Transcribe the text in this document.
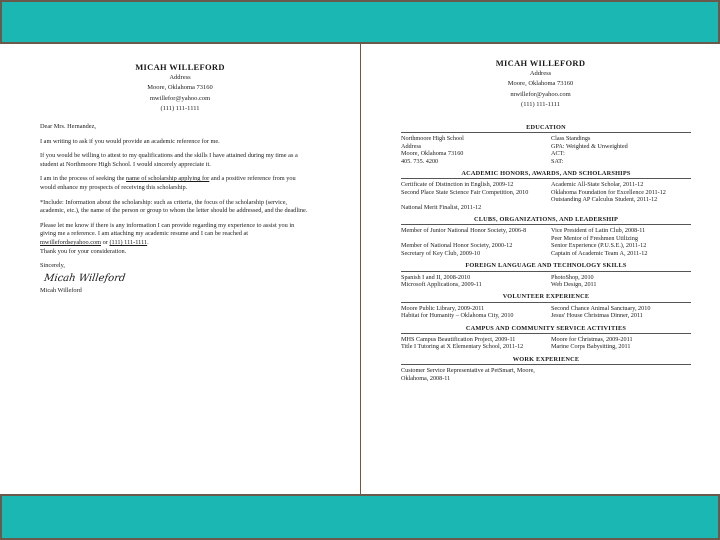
MICAH WILLEFORD
Address
Moore, Oklahoma 73160
mwillefor@yahoo.com
(111) 111-1111

Dear Mrs. Hernandez,

I am writing to ask if you would provide an academic reference for me.

If you would be willing to attest to my qualifications and the skills I have attained during my time as a student at Northmoore High School. I would sincerely appreciate it.

I am in the process of seeking the name of scholarship applying for and a positive reference from you would enhance my prospects of receiving this scholarship.

*Include: Information about the scholarship: such as criteria, the focus of the scholarship (service, academic, etc.), the name of the person or group to whom the letter should be addressed, and the deadline.

Please let me know if there is any information I can provide regarding my experience to assist you in giving me a reference. I am attaching my academic resume and I can be reached at mwillefordseyahoo.com or (111) 111-1111.

Thank you for your consideration.

Sincerely,

Micah Willeford

Micah Willeford

MICAH WILLEFORD
Address
Moore, Oklahoma 73160
mwillefor@yahoo.com
(111) 111-1111
EDUCATION
Northmoore High School	Class Standings
Address	GPA: Weighted & Unweighted
Moore, Oklahoma 73160	ACT:
405. 735. 4200	SAT:
ACADEMIC HONORS, AWARDS, AND SCHOLARSHIPS
Certificate of Distinction in English, 2009-12	Academic All-State Scholar, 2011-12
Second Place State Science Fair Competition, 2010	Oklahoma Foundation for Excellence 2011-12
Outstanding AP Calculus Student, 2011-12
National Merit Finalist, 2011-12
CLUBS, ORGANIZATIONS, AND LEADERSHIP
Member of Junior National Honor Society, 2006-8	Vice President of Latin Club, 2008-11
Peer Mentor of Freshmen Utilizing
Member of National Honor Society, 2000-12	Senior Experience (P.U.S.E.), 2011-12
Secretary of Key Club, 2009-10	Captain of Academic Team A, 2011-12
FOREIGN LANGUAGE AND TECHNOLOGY SKILLS
Spanish I and II, 2008-2010	PhotoShop, 2010
Microsoft Applications, 2009-11	Web Design, 2011
VOLUNTEER EXPERIENCE
Moore Public Library, 2009-2011	Second Chance Animal Sanctuary, 2010
Habitat for Humanity – Oklahoma City, 2010	Jesus' House Christmas Dinner, 2011
CAMPUS AND COMMUNITY SERVICE ACTIVITIES
MHS Campus Beautification Project, 2009-11	Moore for Christmas, 2009-2011
Title I Tutoring at X Elementary School, 2011-12	Marine Corps Babysitting, 2011
WORK EXPERIENCE
Customer Service Representative at PetSmart, Moore, Oklahoma, 2008-11
